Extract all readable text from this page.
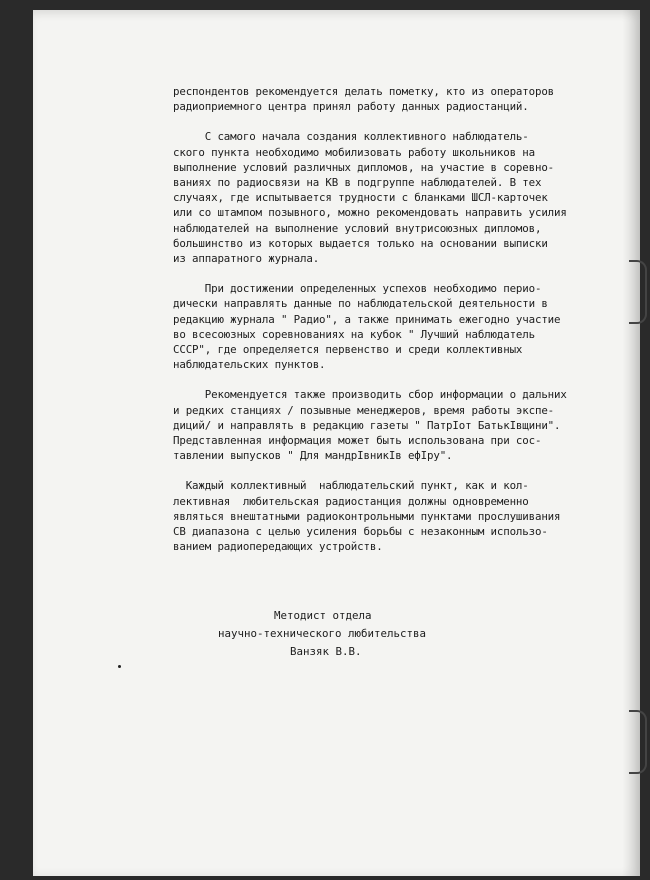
респондентов рекомендуется делать пометку, кто из операторов
радиоприемного центра принял работу данных радиостанций.
С самого начала создания коллективного наблюдатель-
ского пункта необходимо мобилизовать работу школьников на
выполнение условий различных дипломов, на участие в соревно-
ваниях по радиосвязи на КВ в подгруппе наблюдателей. В тех
случаях, где испытывается трудности с бланками ШСЛ-карточек
или со штампом позывного, можно рекомендовать направить усилия
наблюдателей на выполнение условий внутрисоюзных дипломов,
большинство из которых выдается только на основании выписки
из аппаратного журнала.
При достижении определенных успехов необходимо перио-
дически направлять данные по наблюдательской деятельности в
редакцию журнала " Радио", а также принимать ежегодно участие
во всесоюзных соревнованиях на кубок " Лучший наблюдатель
СССР", где определяется первенство и среди коллективных
наблюдательских пунктов.
Рекомендуется также производить сбор информации о дальних
и редких станциях / позывные менеджеров, время работы экспе-
диций/ и направлять в редакцию газеты " ПатрIот БатькIвщини".
Представленная информация может быть использована при сос-
тавлении выпусков " Для мандрIвникIв ефIру".
Каждый коллективный  наблюдательский пункт, как и кол-
лективная  любительская радиостанция должны одновременно
являться внештатными радиоконтрольными пунктами прослушивания
СВ диапазона с целью усиления борьбы с незаконным использо-
ванием радиопередающих устройств.
Методист отдела
научно-технического любительства
Ванзяк В.В.
